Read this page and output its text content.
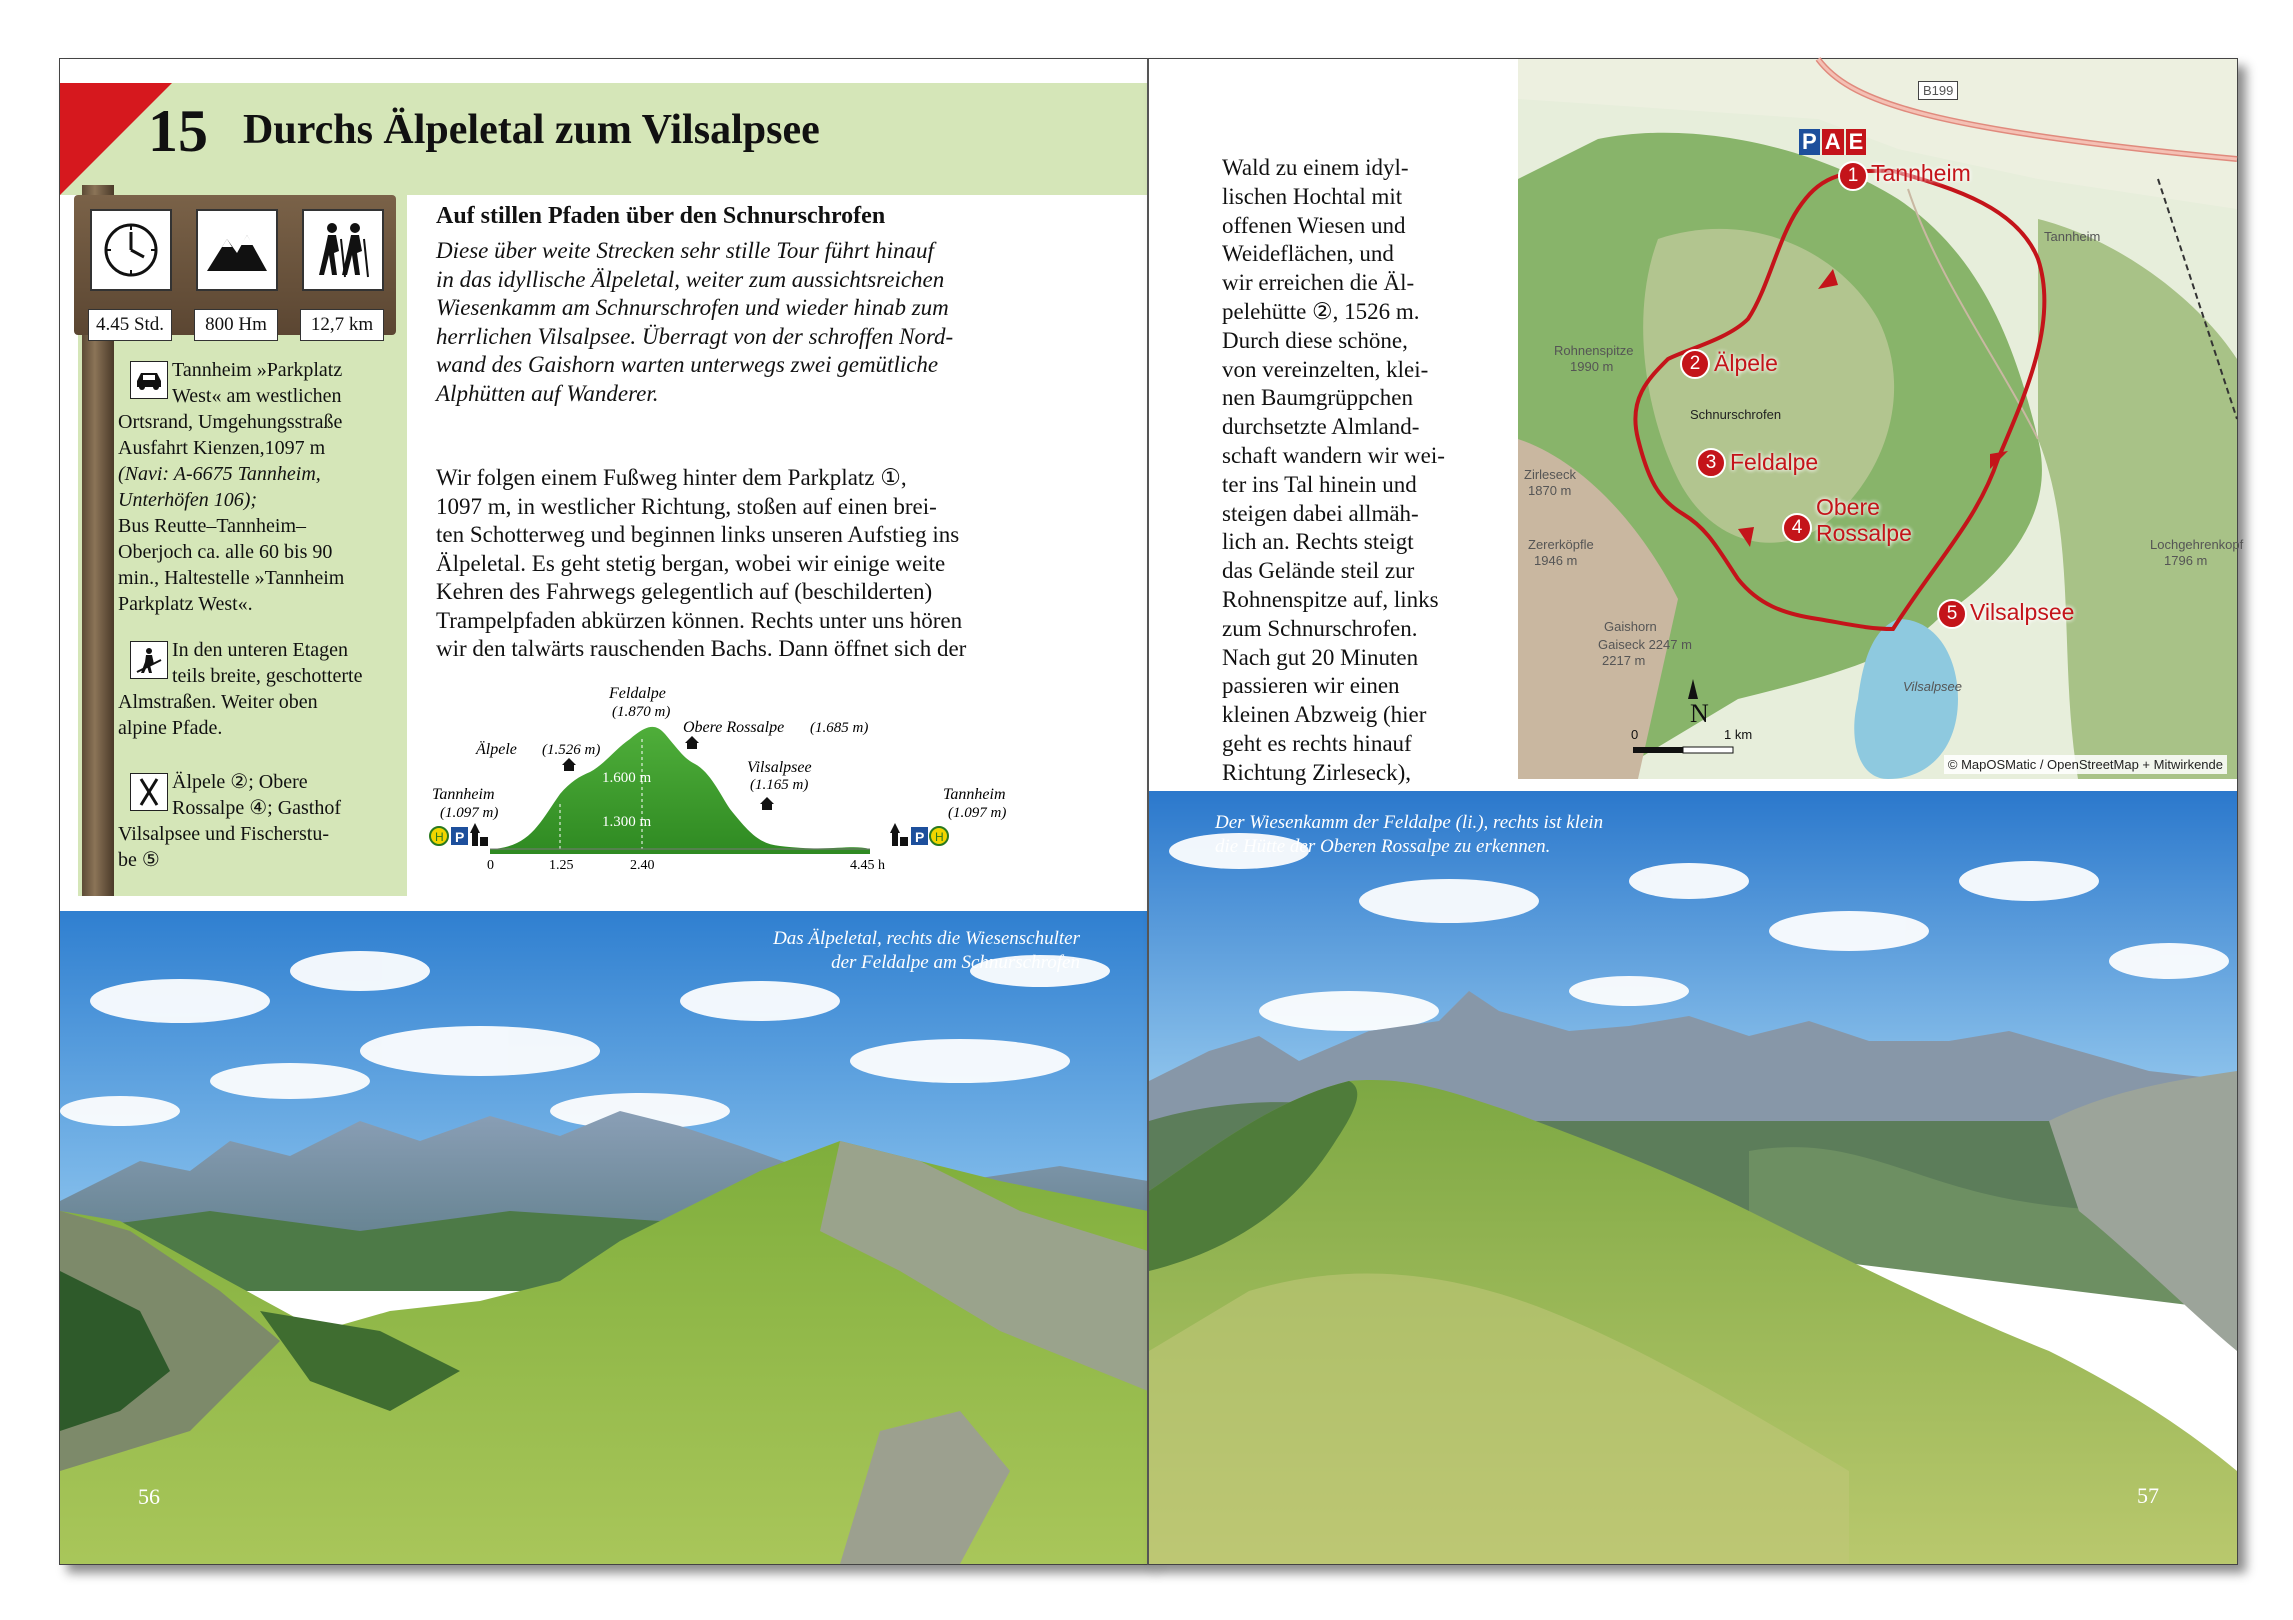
15 Durchs Älpeletal zum Vilsalpsee
4.45 Std.	800 Hm	12,7 km
Tannheim »Parkplatz
West« am westlichen
Ortsrand, Umgehungsstraße
Ausfahrt Kienzen,1097 m
(Navi: A-6675 Tannheim,
Unterhöfen 106);
Bus Reutte–Tannheim–
Oberjoch ca. alle 60 bis 90
min., Haltestelle »Tannheim
Parkplatz West«.
In den unteren Etagen
teils breite, geschotterte
Almstraßen. Weiter oben
alpine Pfade.
Älpele ②; Obere
Rossalpe ④; Gasthof
Vilsalpsee und Fischerstu-
be ⑤
Auf stillen Pfaden über den Schnurschrofen
Diese über weite Strecken sehr stille Tour führt hinauf
in das idyllische Älpeletal, weiter zum aussichtsreichen
Wiesenkamm am Schnurschrofen und wieder hinab zum
herrlichen Vilsalpsee. Überragt von der schroffen Nord-
wand des Gaishorn warten unterwegs zwei gemütliche
Alphütten auf Wanderer.
Wir folgen einem Fußweg hinter dem Parkplatz ①,
1097 m, in westlicher Richtung, stoßen auf einen brei-
ten Schotterweg und beginnen links unseren Aufstieg ins
Älpeletal. Es geht stetig bergan, wobei wir einige weite
Kehren des Fahrwegs gelegentlich auf (beschilderten)
Trampelpfaden abkürzen können. Rechts unter uns hören
wir den talwärts rauschenden Bachs. Dann öffnet sich der
1.600 m
1.300 m
Tannheim
(1.097 m)
Älpele (1.526 m)
Feldalpe
(1.870 m)
Obere Rossalpe (1.685 m)
Vilsalpsee
(1.165 m)
Tannheim
(1.097 m)
H P	P H
0	1.25	2.40	4.45 h
Das Älpeletal, rechts die Wiesenschulter
der Feldalpe am Schnurschrofen
56
Wald zu einem idyl-
lischen Hochtal mit
offenen Wiesen und
Weideflächen, und
wir erreichen die Äl-
pelehütte ②, 1526 m.
Durch diese schöne,
von vereinzelten, klei-
nen Baumgrüppchen
durchsetzte Almland-
schaft wandern wir wei-
ter ins Tal hinein und
steigen dabei allmäh-
lich an. Rechts steigt
das Gelände steil zur
Rohnenspitze auf, links
zum Schnurschrofen.
Nach gut 20 Minuten
passieren wir einen
kleinen Abzweig (hier
geht es rechts hinauf
Richtung Zirleseck),
B199
P A E
1 Tannheim
2 Älpele
3 Feldalpe
4
Obere Rossalpe
5 Vilsalpsee
Rohnenspitze
1990 m
Schnurschrofen
Zirleseck
1870 m
Zererköpfle
1946 m
Gaishorn
Gaiseck 2247 m
2217 m
Lochgehrenkopf
1796 m
Tannheim
Vilsalpsee
N
0	1 km
© MapOSMatic / OpenStreetMap + Mitwirkende
Der Wiesenkamm der Feldalpe (li.), rechts ist klein
die Hütte der Oberen Rossalpe zu erkennen.
57
